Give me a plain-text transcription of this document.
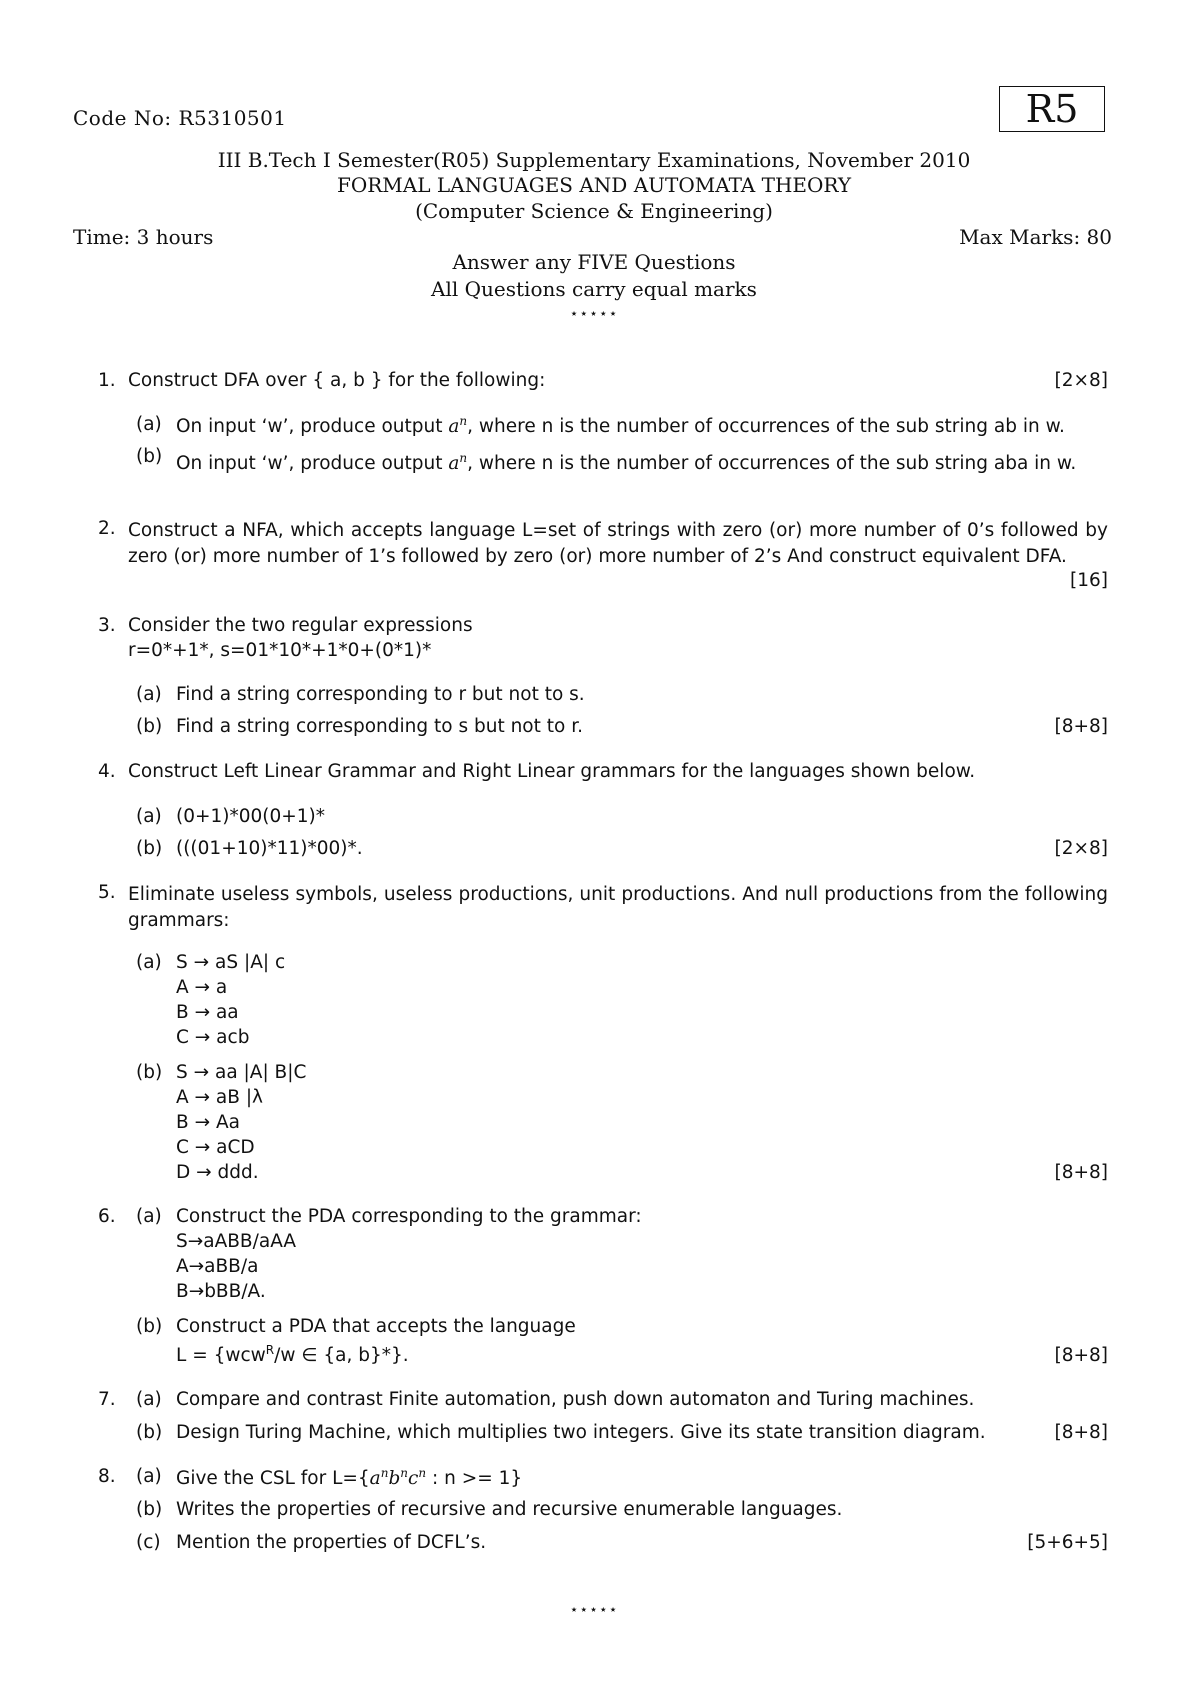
Code No: R5310501	R5
III B.Tech I Semester(R05) Supplementary Examinations, November 2010
FORMAL LANGUAGES AND AUTOMATA THEORY
(Computer Science & Engineering)
Time: 3 hours	Max Marks: 80
Answer any FIVE Questions
All Questions carry equal marks
⋆⋆⋆⋆⋆
1. Construct DFA over { a, b } for the following:	[2×8]
(a) On input ‘w’, produce output $a^n$, where n is the number of occurrences of the sub string ab in w.
(b) On input ‘w’, produce output $a^n$, where n is the number of occurrences of the sub string aba in w.
2. Construct a NFA, which accepts language L=set of strings with zero (or) more number of 0’s followed by zero (or) more number of 1’s followed by zero (or) more number of 2’s And construct equivalent DFA.
[16]
3. Consider the two regular expressions
r=0*+1*, s=01*10*+1*0+(0*1)*
(a) Find a string corresponding to r but not to s.
(b) Find a string corresponding to s but not to r.	[8+8]
4. Construct Left Linear Grammar and Right Linear grammars for the languages shown below.
(a) (0+1)*00(0+1)*
(b) (((01+10)*11)*00)*.	[2×8]
5. Eliminate useless symbols, useless productions, unit productions. And null productions from the following grammars:
(a) S → aS |A| c
A → a
B → aa
C → acb
(b) S → aa |A| B|C
A → aB |λ
B → Aa
C → aCD
D → ddd.	[8+8]
6. (a) Construct the PDA corresponding to the grammar:
S→aABB/aAA
A→aBB/a
B→bBB/A.
(b) Construct a PDA that accepts the language
L = {wcw$^R$/w ∈ {a, b}*}.	[8+8]
7. (a) Compare and contrast Finite automation, push down automaton and Turing machines.
(b) Design Turing Machine, which multiplies two integers. Give its state transition diagram.	[8+8]
8. (a) Give the CSL for $L=\{a^nb^nc^n$ : n >= 1}
(b) Writes the properties of recursive and recursive enumerable languages.
(c) Mention the properties of DCFL’s.	[5+6+5]
⋆⋆⋆⋆⋆
